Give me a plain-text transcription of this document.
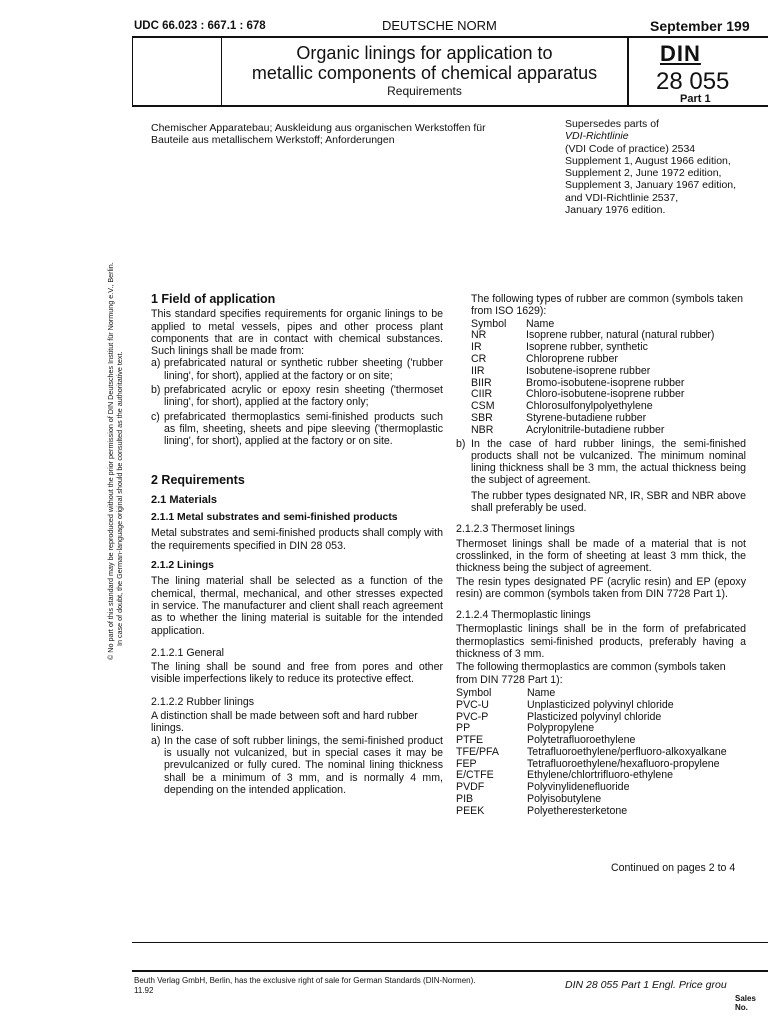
UDC 66.023 : 667.1 : 678	DEUTSCHE NORM	September 199
Organic linings for application to
metallic components of chemical apparatus
Requirements
DIN
28 055
Part 1
Chemischer Apparatebau; Auskleidung aus organischen Werkstoffen für Bauteile aus metallischem Werkstoff; Anforderungen
Supersedes parts of
VDI-Richtlinie
(VDI Code of practice) 2534
Supplement 1, August 1966 edition,
Supplement 2, June 1972 edition,
Supplement 3, January 1967 edition,
and VDI-Richtlinie 2537,
January 1976 edition.
© No part of this standard may be reproduced without the prior permission of DIN Deutsches Institut für Normung e.V., Berlin. In case of doubt, the German-language original should be consulted as the authoritative text.
1 Field of application

This standard specifies requirements for organic linings to be applied to metal vessels, pipes and other process plant components that are in contact with chemical substances. Such linings shall be made from:

a) prefabricated natural or synthetic rubber sheeting ('rubber lining', for short), applied at the factory or on site;
b) prefabricated acrylic or epoxy resin sheeting ('thermoset lining', for short), applied at the factory only;
c) prefabricated thermoplastics semi-finished products such as film, sheeting, sheets and pipe sleeving ('thermoplastic lining', for short), applied at the factory or on site.
2 Requirements
2.1 Materials
2.1.1 Metal substrates and semi-finished products

Metal substrates and semi-finished products shall comply with the requirements specified in DIN 28 053.

2.1.2 Linings

The lining material shall be selected as a function of the chemical, thermal, mechanical, and other stresses expected in service. The manufacturer and client shall reach agreement as to whether the lining material is suitable for the intended application.

2.1.2.1 General

The lining shall be sound and free from pores and other visible imperfections likely to reduce its protective effect.

2.1.2.2 Rubber linings

A distinction shall be made between soft and hard rubber linings.

a) In the case of soft rubber linings, the semi-finished product is usually not vulcanized, but in special cases it may be prevulcanized or fully cured. The nominal lining thickness shall be a minimum of 3 mm, and is normally 4 mm, depending on the intended application.

The following types of rubber are common (symbols taken from ISO 1629):

Symbol	Name
NR	Isoprene rubber, natural (natural rubber)
IR	Isoprene rubber, synthetic
CR	Chloroprene rubber
IIR	Isobutene-isoprene rubber
BIIR	Bromo-isobutene-isoprene rubber
CIIR	Chloro-isobutene-isoprene rubber
CSM	Chlorosulfonylpolyethylene
SBR	Styrene-butadiene rubber
NBR	Acrylonitrile-butadiene rubber
b) In the case of hard rubber linings, the semi-finished products shall not be vulcanized. The minimum nominal lining thickness shall be 3 mm, the actual thickness being the subject of agreement.

The rubber types designated NR, IR, SBR and NBR above shall preferably be used.

2.1.2.3 Thermoset linings

Thermoset linings shall be made of a material that is not crosslinked, in the form of sheeting at least 3 mm thick, the thickness being the subject of agreement.

The resin types designated PF (acrylic resin) and EP (epoxy resin) are common (symbols taken from DIN 7728 Part 1).

2.1.2.4 Thermoplastic linings

Thermoplastic linings shall be in the form of prefabricated thermoplastics semi-finished products, preferably having a thickness of 3 mm.

The following thermoplastics are common (symbols taken from DIN 7728 Part 1):

Symbol	Name
PVC-U	Unplasticized polyvinyl chloride
PVC-P	Plasticized polyvinyl chloride
PP	Polypropylene
PTFE	Polytetrafluoroethylene
TFE/PFA	Tetrafluoroethylene/perfluoro-alkoxyalkane
FEP	Tetrafluoroethylene/hexafluoro-propylene
E/CTFE	Ethylene/chlortrifluoro-ethylene
PVDF	Polyvinylidenefluoride
PIB	Polyisobutylene
PEEK	Polyetheresterketone
Continued on pages 2 to 4
Beuth Verlag GmbH, Berlin, has the exclusive right of sale for German Standards (DIN-Normen).
11.92	DIN 28 055 Part 1 Engl. Price grou
Sales No.
